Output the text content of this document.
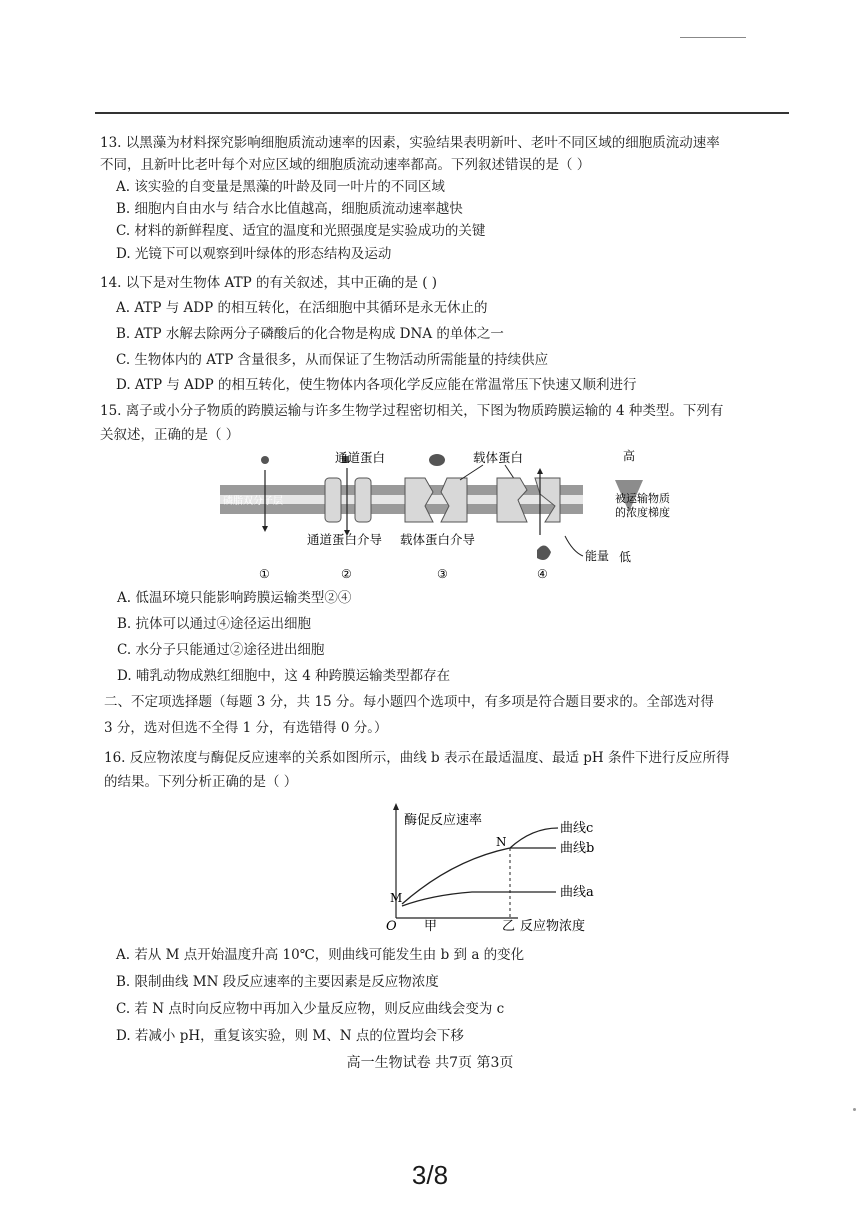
13. 以黑藻为材料探究影响细胞质流动速率的因素，实验结果表明新叶、老叶不同区域的细胞质流动速率
不同，且新叶比老叶每个对应区域的细胞质流动速率都高。下列叙述错误的是（ ）
A. 该实验的自变量是黑藻的叶龄及同一叶片的不同区域
B. 细胞内自由水与 结合水比值越高，细胞质流动速率越快
C. 材料的新鲜程度、适宜的温度和光照强度是实验成功的关键
D. 光镜下可以观察到叶绿体的形态结构及运动
14. 以下是对生物体 ATP 的有关叙述，其中正确的是 ( )
A. ATP 与 ADP 的相互转化，在活细胞中其循环是永无休止的
B. ATP 水解去除两分子磷酸后的化合物是构成 DNA 的单体之一
C. 生物体内的 ATP 含量很多，从而保证了生物活动所需能量的持续供应
D. ATP 与 ADP 的相互转化，使生物体内各项化学反应能在常温常压下快速又顺利进行
15. 离子或小分子物质的跨膜运输与许多生物学过程密切相关，下图为物质跨膜运输的 4 种类型。下列有
关叙述，正确的是（ ）
磷脂双分子层
通道蛋白	载体蛋白
能量 低
高
被运输物质
的浓度梯度
通道蛋白介导 载体蛋白介导
①	②	③	④
A. 低温环境只能影响跨膜运输类型②④
B. 抗体可以通过④途径运出细胞
C. 水分子只能通过②途径进出细胞
D. 哺乳动物成熟红细胞中，这 4 种跨膜运输类型都存在
二、不定项选择题（每题 3 分，共 15 分。每小题四个选项中，有多项是符合题目要求的。全部选对得
3 分，选对但选不全得 1 分，有选错得 0 分。）
16. 反应物浓度与酶促反应速率的关系如图所示，曲线 b 表示在最适温度、最适 pH 条件下进行反应所得
的结果。下列分析正确的是（ ）
酶促反应速率
O 甲	乙 反应物浓度
M
N
曲线c
曲线b
曲线a
A. 若从 M 点开始温度升高 10℃，则曲线可能发生由 b 到 a 的变化
B. 限制曲线 MN 段反应速率的主要因素是反应物浓度
C. 若 N 点时向反应物中再加入少量反应物，则反应曲线会变为 c
D. 若减小 pH，重复该实验，则 M、N 点的位置均会下移
高一生物试卷 共7页 第3页
3/8
